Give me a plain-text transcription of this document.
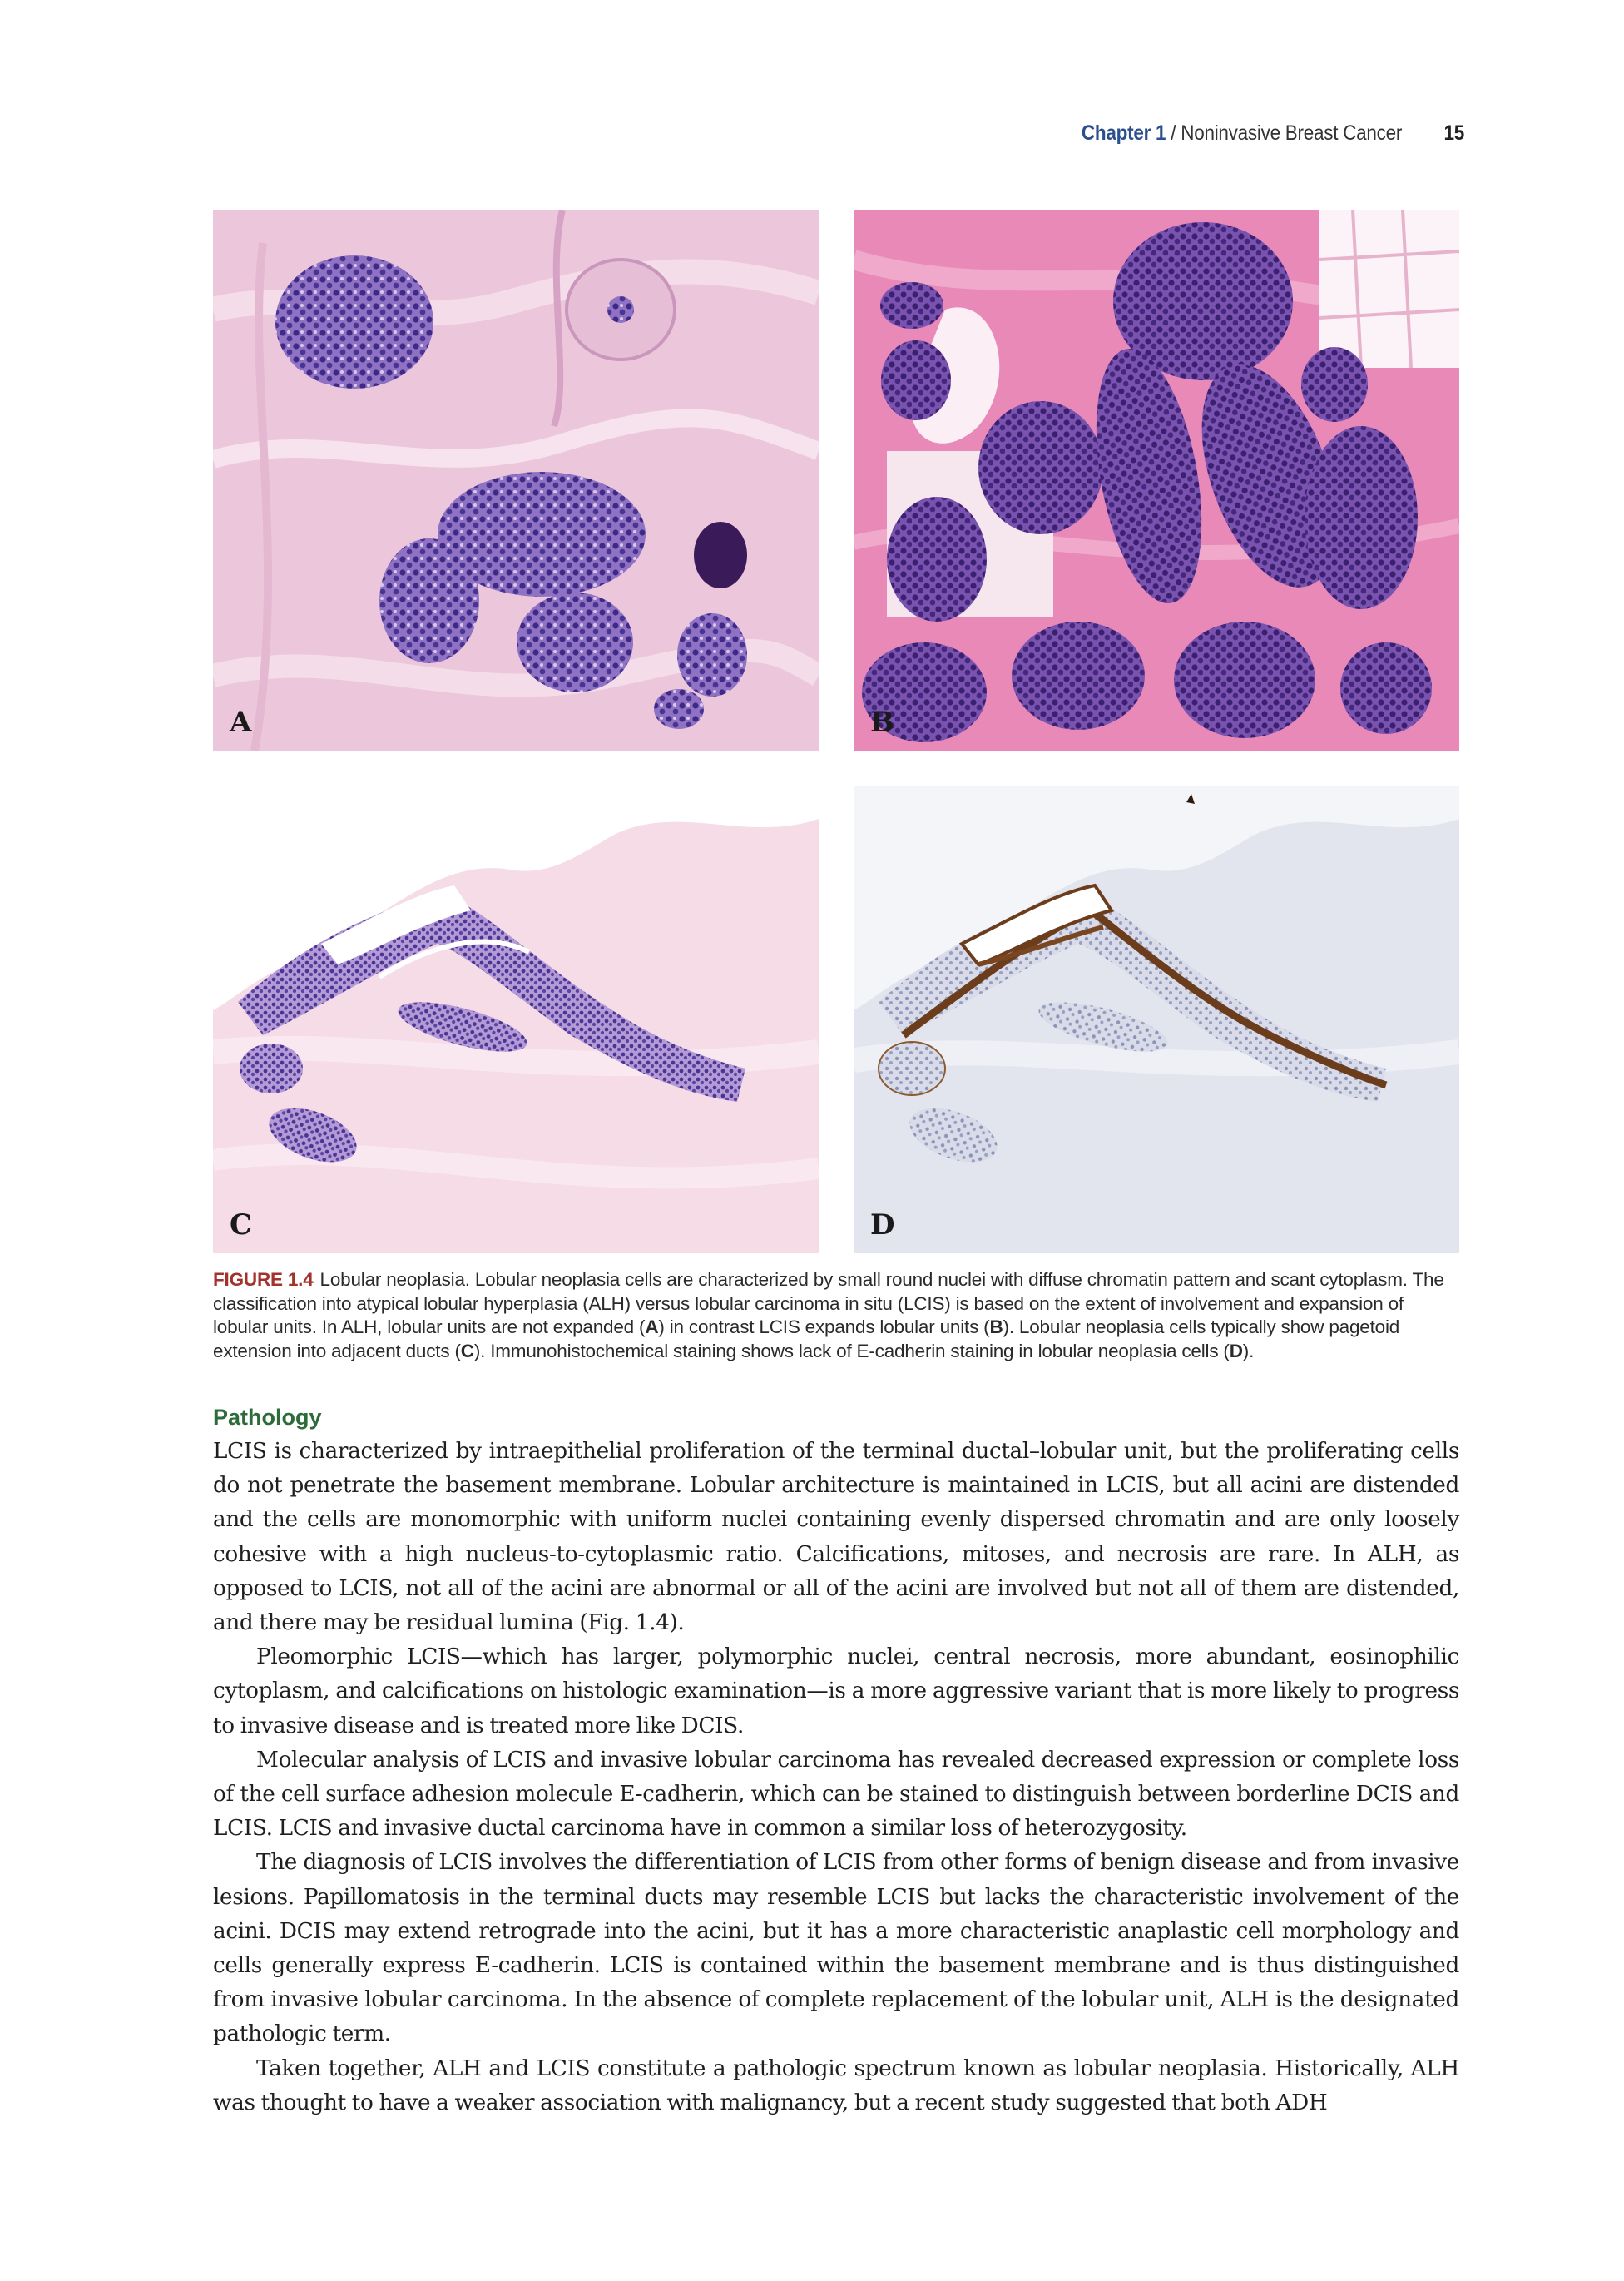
Chapter 1 / Noninvasive Breast Cancer 15
A	B
C	D
FIGURE 1.4 Lobular neoplasia. Lobular neoplasia cells are characterized by small round nuclei with diffuse chromatin pattern and scant cytoplasm. The classification into atypical lobular hyperplasia (ALH) versus lobular carcinoma in situ (LCIS) is based on the extent of involvement and expansion of lobular units. In ALH, lobular units are not expanded (A) in contrast LCIS expands lobular units (B). Lobular neoplasia cells typically show pagetoid extension into adjacent ducts (C). Immunohistochemical staining shows lack of E-cadherin staining in lobular neoplasia cells (D).
Pathology

LCIS is characterized by intraepithelial proliferation of the terminal ductal–lobular unit, but the proliferating cells do not penetrate the basement membrane. Lobular architecture is maintained in LCIS, but all acini are distended and the cells are monomorphic with uniform nuclei containing evenly dispersed chromatin and are only loosely cohesive with a high nucleus-to-cytoplasmic ratio. Calcifications, mitoses, and necrosis are rare. In ALH, as opposed to LCIS, not all of the acini are abnormal or all of the acini are involved but not all of them are distended, and there may be residual lumina (Fig. 1.4).

Pleomorphic LCIS—which has larger, polymorphic nuclei, central necrosis, more abundant, eosinophilic cytoplasm, and calcifications on histologic examination—is a more aggressive variant that is more likely to progress to invasive disease and is treated more like DCIS.

Molecular analysis of LCIS and invasive lobular carcinoma has revealed decreased expression or complete loss of the cell surface adhesion molecule E-cadherin, which can be stained to distinguish between borderline DCIS and LCIS. LCIS and invasive ductal carcinoma have in common a similar loss of heterozygosity.

The diagnosis of LCIS involves the differentiation of LCIS from other forms of benign disease and from invasive lesions. Papillomatosis in the terminal ducts may resemble LCIS but lacks the characteristic involvement of the acini. DCIS may extend retrograde into the acini, but it has a more characteristic anaplastic cell morphology and cells generally express E-cadherin. LCIS is contained within the basement membrane and is thus distinguished from invasive lobular carcinoma. In the absence of complete replacement of the lobular unit, ALH is the designated pathologic term.

Taken together, ALH and LCIS constitute a pathologic spectrum known as lobular neoplasia. Historically, ALH was thought to have a weaker association with malignancy, but a recent study suggested that both ADH
